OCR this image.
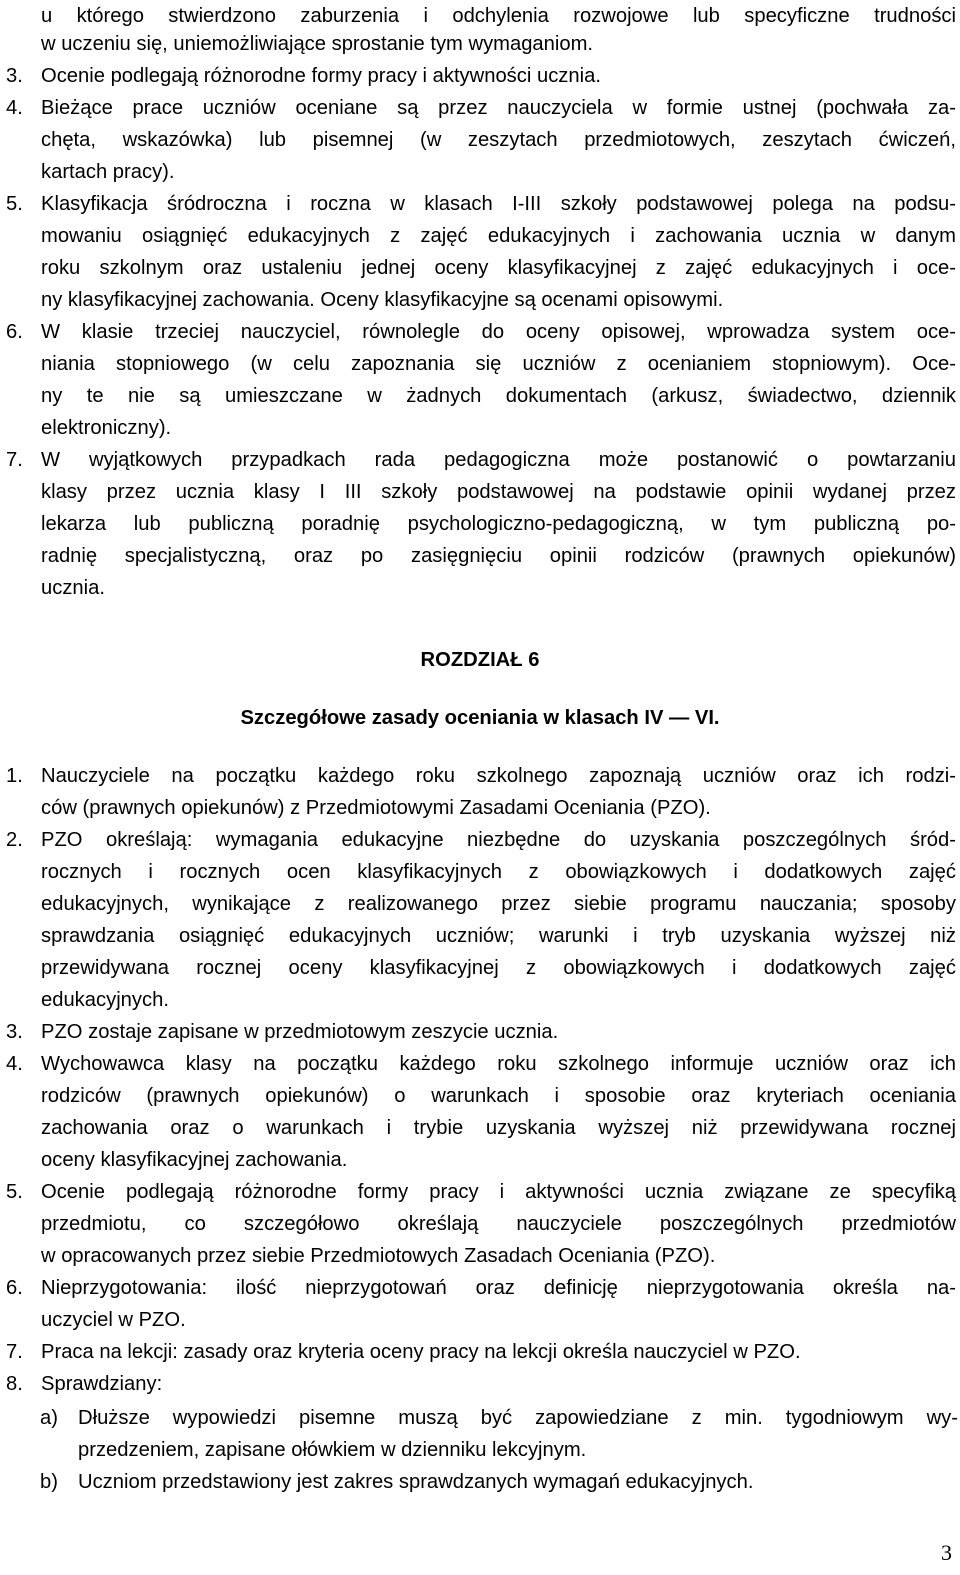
u którego stwierdzono zaburzenia i odchylenia rozwojowe lub specyficzne trudności
w uczeniu się, uniemożliwiające sprostanie tym wymaganiom.
3. Ocenie podlegają różnorodne formy pracy i aktywności ucznia.
4. Bieżące prace uczniów oceniane są przez nauczyciela w formie ustnej (pochwała za-
chęta, wskazówka) lub pisemnej (w zeszytach przedmiotowych, zeszytach ćwiczeń,
kartach pracy).
5. Klasyfikacja śródroczna i roczna w klasach I-III szkoły podstawowej polega na podsu-
mowaniu osiągnięć edukacyjnych z zajęć edukacyjnych i zachowania ucznia w danym
roku szkolnym oraz ustaleniu jednej oceny klasyfikacyjnej z zajęć edukacyjnych i oce-
ny klasyfikacyjnej zachowania. Oceny klasyfikacyjne są ocenami opisowymi.
6. W klasie trzeciej nauczyciel, równolegle do oceny opisowej, wprowadza system oce-
niania stopniowego (w celu zapoznania się uczniów z ocenianiem stopniowym). Oce-
ny te nie są umieszczane w żadnych dokumentach (arkusz, świadectwo, dziennik
elektroniczny).
7. W wyjątkowych przypadkach rada pedagogiczna może postanowić o powtarzaniu
klasy przez ucznia klasy I III szkoły podstawowej na podstawie opinii wydanej przez
lekarza lub publiczną poradnię psychologiczno-pedagogiczną, w tym publiczną po-
radnię specjalistyczną, oraz po zasięgnięciu opinii rodziców (prawnych opiekunów)
ucznia.
ROZDZIAŁ 6
Szczegółowe zasady oceniania w klasach IV — VI.
1. Nauczyciele na początku każdego roku szkolnego zapoznają uczniów oraz ich rodzi-
ców (prawnych opiekunów) z Przedmiotowymi Zasadami Oceniania (PZO).
2. PZO określają: wymagania edukacyjne niezbędne do uzyskania poszczególnych śród-
rocznych i rocznych ocen klasyfikacyjnych z obowiązkowych i dodatkowych zajęć
edukacyjnych, wynikające z realizowanego przez siebie programu nauczania; sposoby
sprawdzania osiągnięć edukacyjnych uczniów; warunki i tryb uzyskania wyższej niż
przewidywana rocznej oceny klasyfikacyjnej z obowiązkowych i dodatkowych zajęć
edukacyjnych.
3. PZO zostaje zapisane w przedmiotowym zeszycie ucznia.
4. Wychowawca klasy na początku każdego roku szkolnego informuje uczniów oraz ich
rodziców (prawnych opiekunów) o warunkach i sposobie oraz kryteriach oceniania
zachowania oraz o warunkach i trybie uzyskania wyższej niż przewidywana rocznej
oceny klasyfikacyjnej zachowania.
5. Ocenie podlegają różnorodne formy pracy i aktywności ucznia związane ze specyfiką
przedmiotu, co szczegółowo określają nauczyciele poszczególnych przedmiotów
w opracowanych przez siebie Przedmiotowych Zasadach Oceniania (PZO).
6. Nieprzygotowania: ilość nieprzygotowań oraz definicję nieprzygotowania określa na-
uczyciel w PZO.
7. Praca na lekcji: zasady oraz kryteria oceny pracy na lekcji określa nauczyciel w PZO.
8. Sprawdziany:
a) Dłuższe wypowiedzi pisemne muszą być zapowiedziane z min. tygodniowym wy-
przedzeniem, zapisane ołówkiem w dzienniku lekcyjnym.
b) Uczniom przedstawiony jest zakres sprawdzanych wymagań edukacyjnych.
3
